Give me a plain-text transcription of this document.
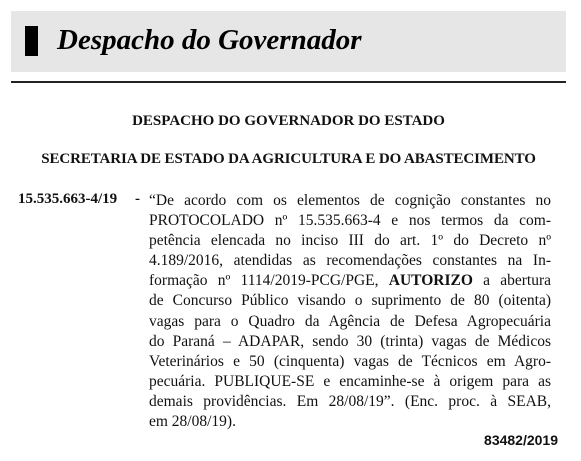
Despacho do Governador
DESPACHO DO GOVERNADOR DO ESTADO
SECRETARIA DE ESTADO DA AGRICULTURA E DO ABASTECIMENTO
15.535.663-4/19 - “De acordo com os elementos de cognição constantes no
PROTOCOLADO nº 15.535.663-4 e nos termos da com-
petência elencada no inciso III do art. 1º do Decreto nº
4.189/2016, atendidas as recomendações constantes na In-
formação nº 1114/2019-PCG/PGE, AUTORIZO a abertura
de Concurso Público visando o suprimento de 80 (oitenta)
vagas para o Quadro da Agência de Defesa Agropecuária
do Paraná – ADAPAR, sendo 30 (trinta) vagas de Médicos
Veterinários e 50 (cinquenta) vagas de Técnicos em Agro-
pecuária. PUBLIQUE-SE e encaminhe-se à origem para as
demais providências. Em 28/08/19”. (Enc. proc. à SEAB,
em 28/08/19).
83482/2019
